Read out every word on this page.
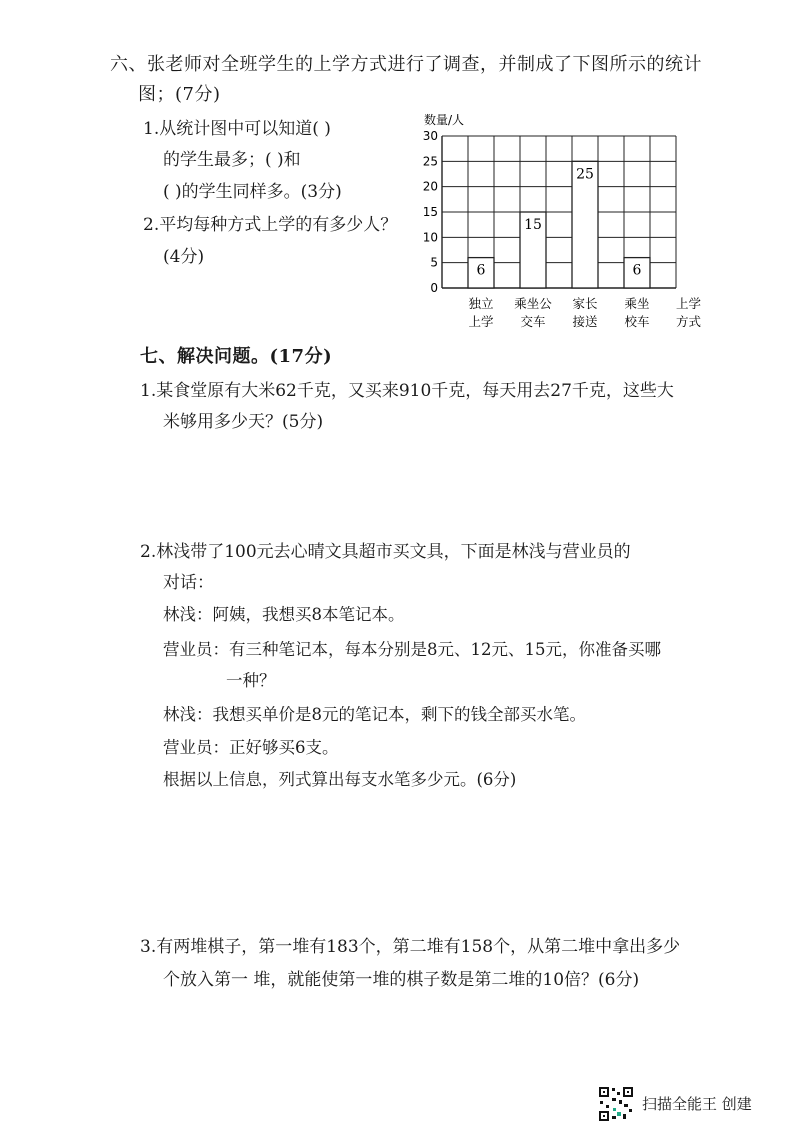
六、张老师对全班学生的上学方式进行了调查，并制成了下图所示的统计
图；(7分)
1.从统计图中可以知道( )
的学生最多；( )和
( )的学生同样多。(3分)
2.平均每种方式上学的有多少人？
(4分)
数量/人
6
15
25
6
0
5
10
15
20
25
30
独立
上学
乘坐公
交车
家长
接送
乘坐
校车
上学
方式
七、解决问题。(17分)
1.某食堂原有大米62千克，又买来910千克，每天用去27千克，这些大
米够用多少天？(5分)
2.林浅带了100元去心晴文具超市买文具，下面是林浅与营业员的
对话：
林浅：阿姨，我想买8本笔记本。
营业员：有三种笔记本，每本分别是8元、12元、15元，你准备买哪
一种？
林浅：我想买单价是8元的笔记本，剩下的钱全部买水笔。
营业员：正好够买6支。
根据以上信息，列式算出每支水笔多少元。(6分)
3.有两堆棋子，第一堆有183个，第二堆有158个，从第二堆中拿出多少
个放入第一 堆，就能使第一堆的棋子数是第二堆的10倍？(6分)
扫描全能王 创建
